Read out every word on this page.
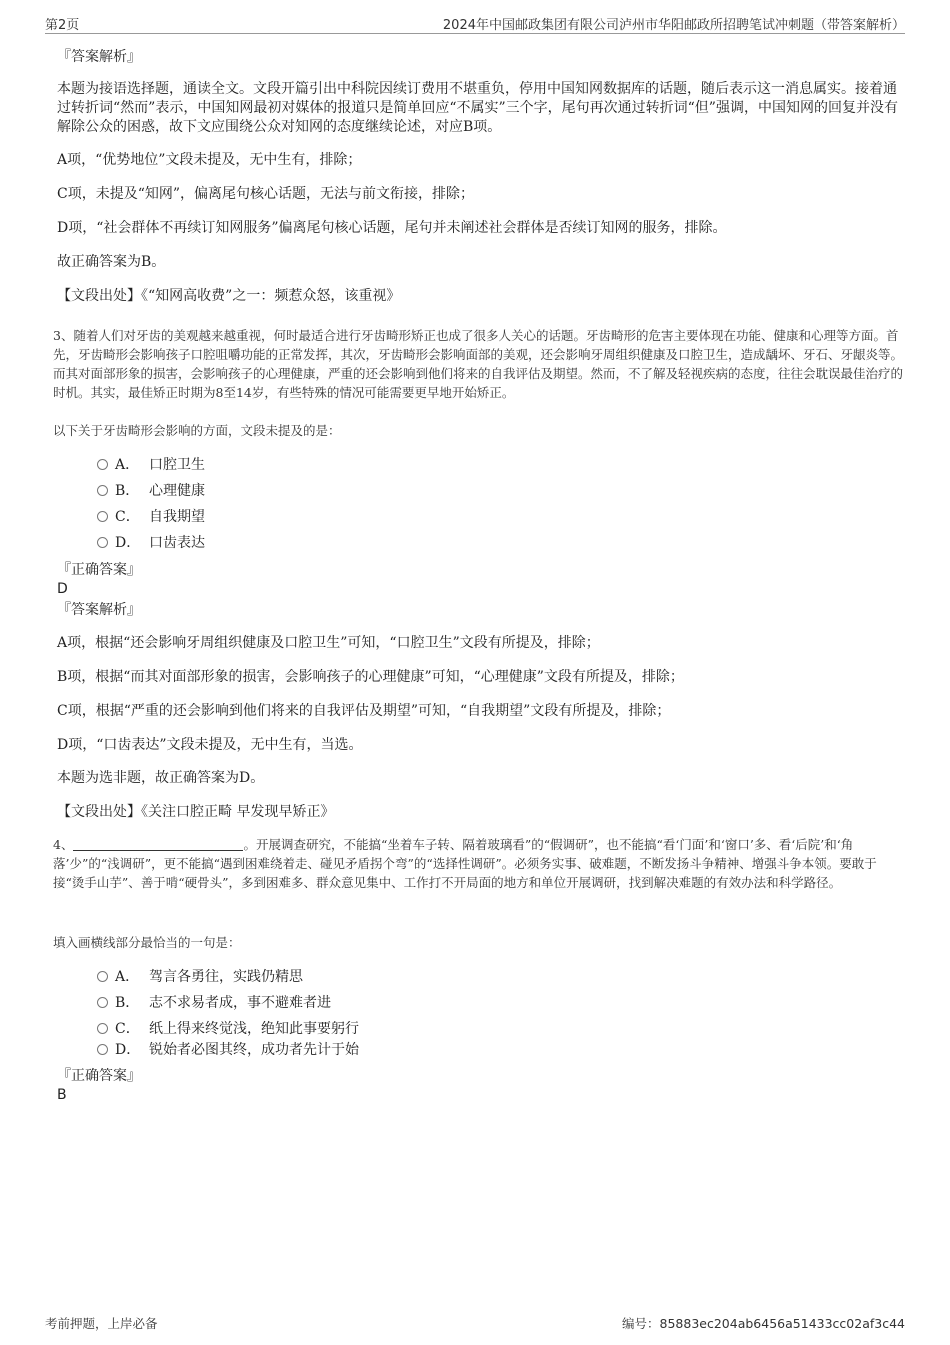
第2页	2024年中国邮政集团有限公司泸州市华阳邮政所招聘笔试冲刺题（带答案解析）
『答案解析』
本题为接语选择题，通读全文。文段开篇引出中科院因续订费用不堪重负，停用中国知网数据库的话题，随后表示这一消息属实。接着通过转折词“然而”表示，中国知网最初对媒体的报道只是简单回应“不属实”三个字，尾句再次通过转折词“但”强调，中国知网的回复并没有解除公众的困惑，故下文应围绕公众对知网的态度继续论述，对应B项。
A项，“优势地位”文段未提及，无中生有，排除；
C项，未提及“知网”，偏离尾句核心话题，无法与前文衔接，排除；
D项，“社会群体不再续订知网服务”偏离尾句核心话题，尾句并未阐述社会群体是否续订知网的服务，排除。
故正确答案为B。
【文段出处】《“知网高收费”之一：频惹众怒，该重视》
3、随着人们对牙齿的美观越来越重视，何时最适合进行牙齿畸形矫正也成了很多人关心的话题。牙齿畸形的危害主要体现在功能、健康和心理等方面。首先，牙齿畸形会影响孩子口腔咀嚼功能的正常发挥，其次，牙齿畸形会影响面部的美观，还会影响牙周组织健康及口腔卫生，造成龋坏、牙石、牙龈炎等。而其对面部形象的损害，会影响孩子的心理健康，严重的还会影响到他们将来的自我评估及期望。然而，不了解及轻视疾病的态度，往往会耽误最佳治疗的时机。其实，最佳矫正时期为8至14岁，有些特殊的情况可能需要更早地开始矫正。
以下关于牙齿畸形会影响的方面，文段未提及的是：
A． 口腔卫生
B． 心理健康
C． 自我期望
D． 口齿表达
『正确答案』
D
『答案解析』
A项，根据“还会影响牙周组织健康及口腔卫生”可知，“口腔卫生”文段有所提及，排除；
B项，根据“而其对面部形象的损害，会影响孩子的心理健康”可知，“心理健康”文段有所提及，排除；
C项，根据“严重的还会影响到他们将来的自我评估及期望”可知，“自我期望”文段有所提及，排除；
D项，“口齿表达”文段未提及，无中生有，当选。
本题为选非题，故正确答案为D。
【文段出处】《关注口腔正畸 早发现早矫正》
4、	。开展调查研究，不能搞“坐着车子转、隔着玻璃看”的“假调研”，也不能搞“看‘门面’和‘窗口’多、看‘后院’和‘角落’少”的“浅调研”，更不能搞“遇到困难绕着走、碰见矛盾拐个弯”的“选择性调研”。必须务实事、破难题，不断发扬斗争精神、增强斗争本领。要敢于接“烫手山芋”、善于啃“硬骨头”，多到困难多、群众意见集中、工作打不开局面的地方和单位开展调研，找到解决难题的有效办法和科学路径。
填入画横线部分最恰当的一句是：
A． 驾言各勇往，实践仍精思
B． 志不求易者成，事不避难者进
C． 纸上得来终觉浅，绝知此事要躬行
D． 锐始者必图其终，成功者先计于始
『正确答案』
B
考前押题，上岸必备	编号：85883ec204ab6456a51433cc02af3c44
